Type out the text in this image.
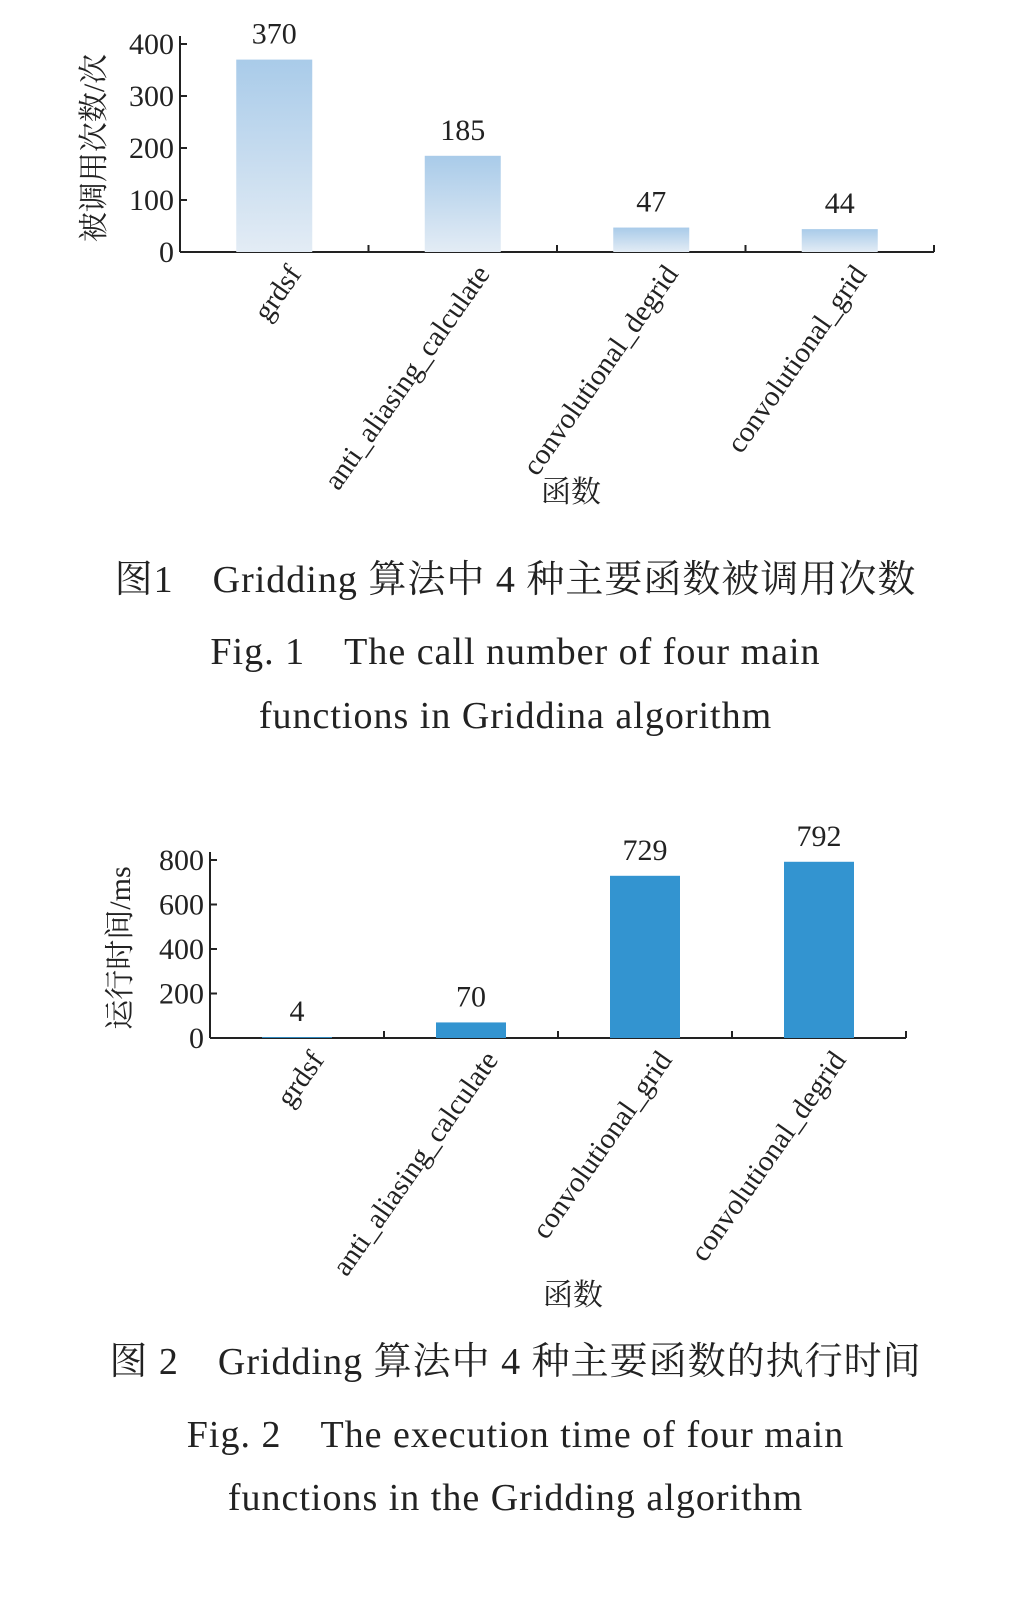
0
100
200
300
400	370
grdsf
185
anti_aliasing_calculate
47
convolutional_degrid
44
convolutional_grid
函数
被调用次数/次
图1　Gridding 算法中 4 种主要函数被调用次数
Fig. 1　The call number of four main
functions in Griddina algorithm
0
200
400
600
800
4
grdsf
70
anti_aliasing_calculate
729
convolutional_grid
792
convolutional_degrid
函数
运行时间/ms
图 2　Gridding 算法中 4 种主要函数的执行时间
Fig. 2　The execution time of four main
functions in the Gridding algorithm
